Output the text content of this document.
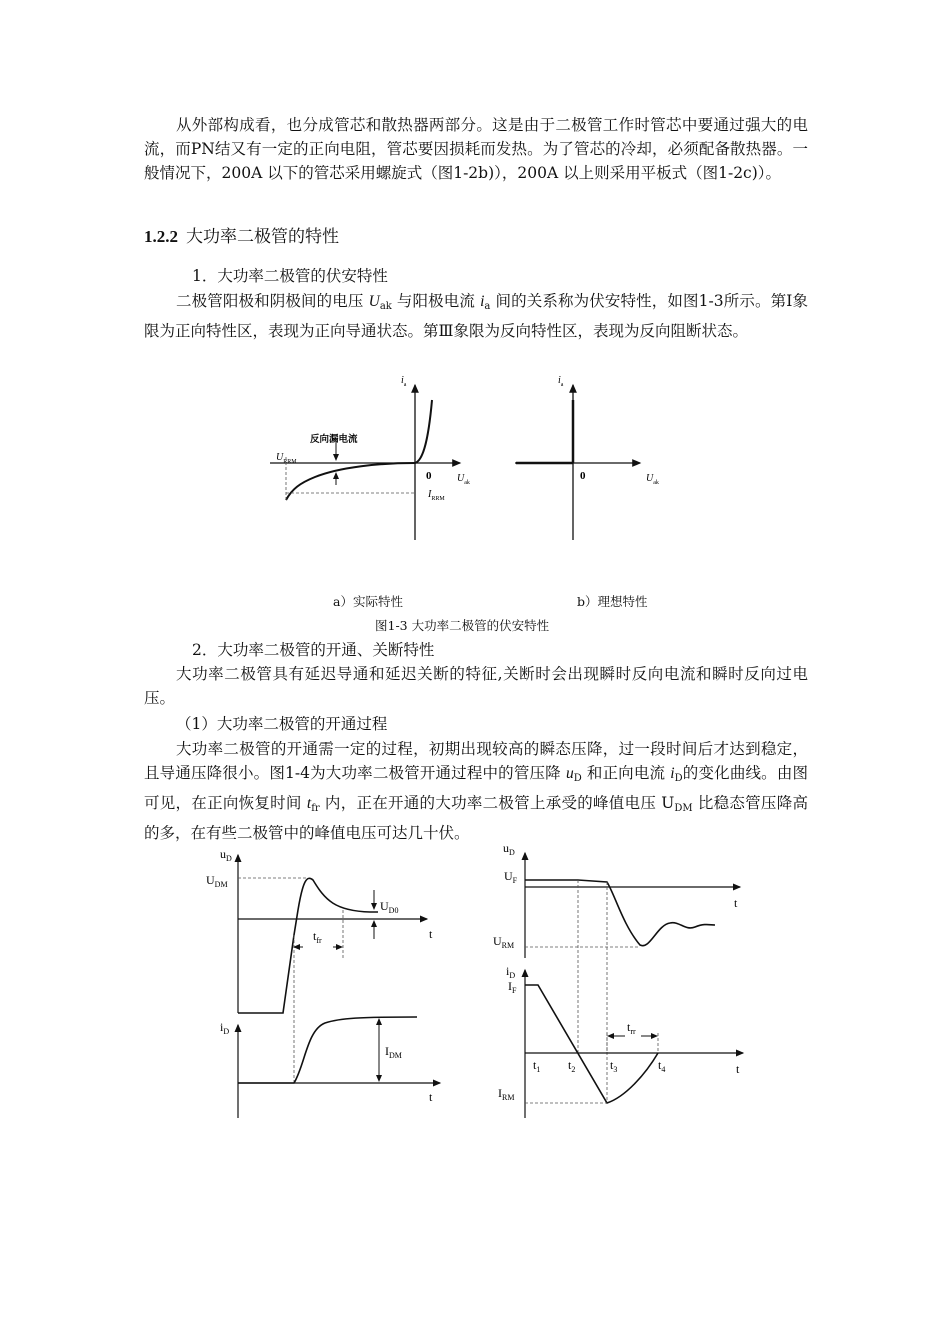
从外部构成看，也分成管芯和散热器两部分。这是由于二极管工作时管芯中要通过强大的电流，而PN结又有一定的正向电阻，管芯要因损耗而发热。为了管芯的冷却，必须配备散热器。一般情况下，200A 以下的管芯采用螺旋式（图1-2b)），200A 以上则采用平板式（图1-2c)）。

1.2.2 大功率二极管的特性

1．大功率二极管的伏安特性

二极管阳极和阴极间的电压 $U_{ak}$ 与阳极电流 $i_a$ 间的关系称为伏安特性，如图1-3所示。第Ⅰ象限为正向特性区，表现为正向导通状态。第Ⅲ象限为反向特性区，表现为反向阻断状态。

反向漏电流
$U_{RRM}$
$I_{RRM}$
0	$U_{ak}$
$i_a$
0	$U_{ak}$
$i_a$

a）实际特性	b）理想特性

图1-3 大功率二极管的伏安特性

2．大功率二极管的开通、关断特性

大功率二极管具有延迟导通和延迟关断的特征,关断时会出现瞬时反向电流和瞬时反向过电压。

（1）大功率二极管的开通过程

大功率二极管的开通需一定的过程，初期出现较高的瞬态压降，过一段时间后才达到稳定，且导通压降很小。图1-4为大功率二极管开通过程中的管压降 $u_D$ 和正向电流 $i_D$的变化曲线。由图可见，在正向恢复时间 $t_{fr}$ 内，正在开通的大功率二极管上承受的峰值电压 $U_{DM}$ 比稳态管压降高的多，在有些二极管中的峰值电压可达几十伏。

$u_D$
$U_{DM}$
$U_{D0}$
$t_{fr}$	t
$i_D$
$I_{DM}$
t
$u_D$
$U_F$
t
$U_{RM}$
$i_D$
$I_F$
$t_{rr}$
$t_1$ $t_2$	$t_3$	$t_4$	t
$I_{RM}$
